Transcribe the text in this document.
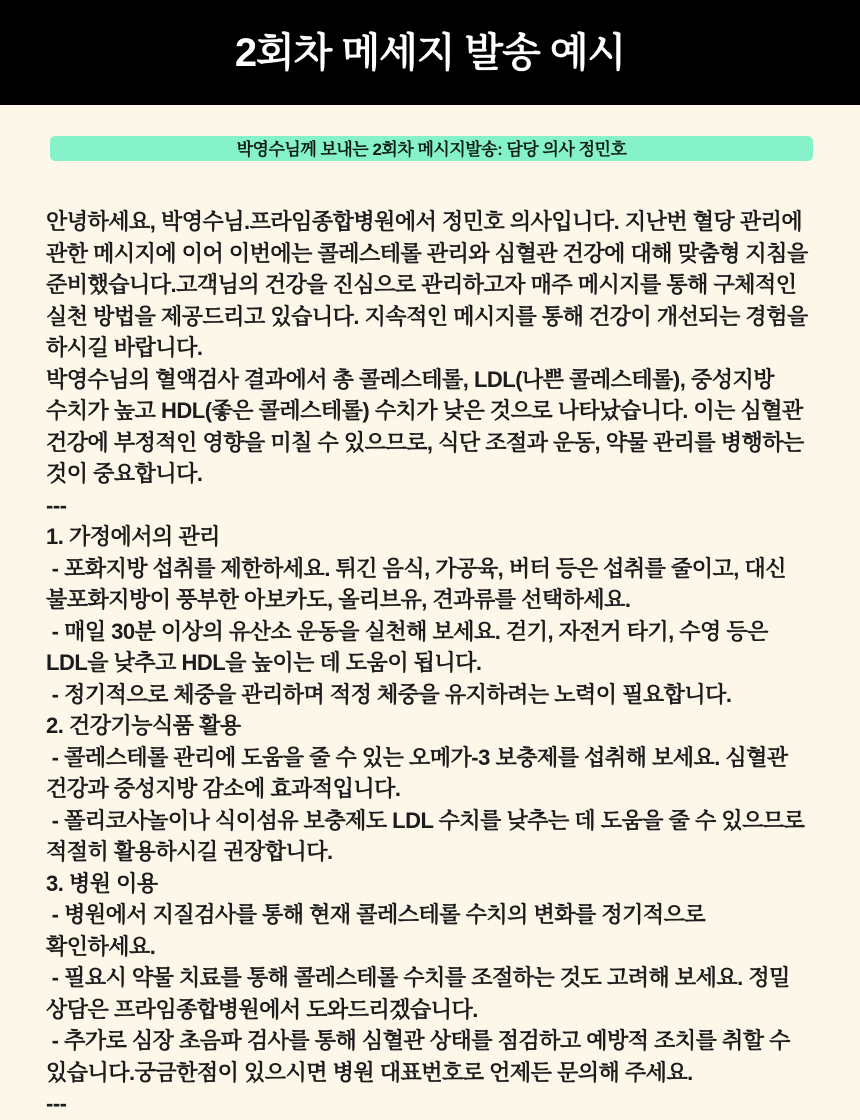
2회차 메세지 발송 예시
박영수님께 보내는 2회차 메시지발송: 담당 의사 정민호

안녕하세요, 박영수님.프라임종합병원에서 정민호 의사입니다. 지난번 혈당 관리에 관한 메시지에 이어 이번에는 콜레스테롤 관리와 심혈관 건강에 대해 맞춤형 지침을 준비했습니다.고객님의 건강을 진심으로 관리하고자 매주 메시지를 통해 구체적인 실천 방법을 제공드리고 있습니다. 지속적인 메시지를 통해 건강이 개선되는 경험을 하시길 바랍니다.

박영수님의 혈액검사 결과에서 총 콜레스테롤, LDL(나쁜 콜레스테롤), 중성지방 수치가 높고 HDL(좋은 콜레스테롤) 수치가 낮은 것으로 나타났습니다. 이는 심혈관 건강에 부정적인 영향을 미칠 수 있으므로, 식단 조절과 운동, 약물 관리를 병행하는 것이 중요합니다.

---

1. 가정에서의 관리

- 포화지방 섭취를 제한하세요. 튀긴 음식, 가공육, 버터 등은 섭취를 줄이고, 대신 불포화지방이 풍부한 아보카도, 올리브유, 견과류를 선택하세요.

- 매일 30분 이상의 유산소 운동을 실천해 보세요. 걷기, 자전거 타기, 수영 등은 LDL을 낮추고 HDL을 높이는 데 도움이 됩니다.

- 정기적으로 체중을 관리하며 적정 체중을 유지하려는 노력이 필요합니다.

2. 건강기능식품 활용

- 콜레스테롤 관리에 도움을 줄 수 있는 오메가-3 보충제를 섭취해 보세요. 심혈관 건강과 중성지방 감소에 효과적입니다.

- 폴리코사놀이나 식이섬유 보충제도 LDL 수치를 낮추는 데 도움을 줄 수 있으므로 적절히 활용하시길 권장합니다.

3. 병원 이용

- 병원에서 지질검사를 통해 현재 콜레스테롤 수치의 변화를 정기적으로 확인하세요.

- 필요시 약물 치료를 통해 콜레스테롤 수치를 조절하는 것도 고려해 보세요. 정밀 상담은 프라임종합병원에서 도와드리겠습니다.

- 추가로 심장 초음파 검사를 통해 심혈관 상태를 점검하고 예방적 조치를 취할 수 있습니다.궁금한점이 있으시면 병원 대표번호로 언제든 문의해 주세요.

---
